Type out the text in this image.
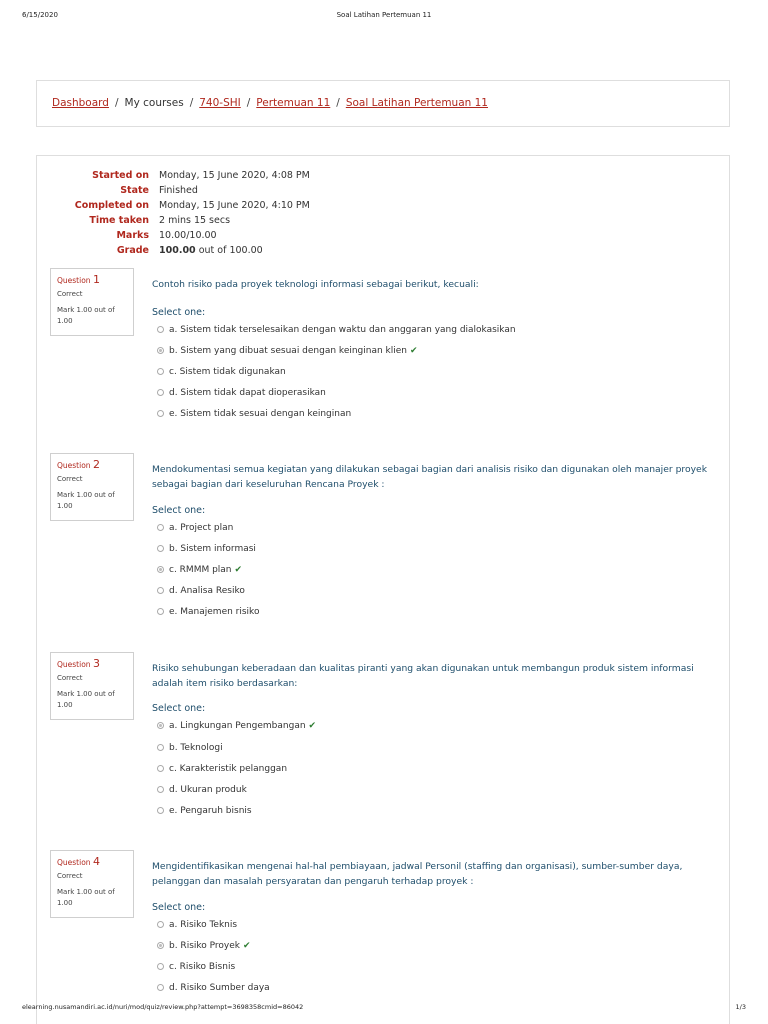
6/15/2020	Soal Latihan Pertemuan 11
Dashboard / My courses / 740-SHI / Pertemuan 11 / Soal Latihan Pertemuan 11
Started on Monday, 15 June 2020, 4:08 PM
State Finished
Completed on Monday, 15 June 2020, 4:10 PM
Time taken 2 mins 15 secs
Marks 10.00/10.00
Grade 100.00 out of 100.00
Question 1
Correct
Mark 1.00 out of 1.00
Contoh risiko pada proyek teknologi informasi sebagai berikut, kecuali:
Select one:
a. Sistem tidak terselesaikan dengan waktu dan anggaran yang dialokasikan
b. Sistem yang dibuat sesuai dengan keinginan klien ✔
c. Sistem tidak digunakan
d. Sistem tidak dapat dioperasikan
e. Sistem tidak sesuai dengan keinginan
Question 2
Correct
Mark 1.00 out of 1.00
Mendokumentasi semua kegiatan yang dilakukan sebagai bagian dari analisis risiko dan digunakan oleh manajer proyek sebagai bagian dari keseluruhan Rencana Proyek :
Select one:
a. Project plan
b. Sistem informasi
c. RMMM plan ✔
d. Analisa Resiko
e. Manajemen risiko
Question 3
Correct
Mark 1.00 out of 1.00
Risiko sehubungan keberadaan dan kualitas piranti yang akan digunakan untuk membangun produk sistem informasi adalah item risiko berdasarkan:
Select one:
a. Lingkungan Pengembangan ✔
b. Teknologi
c. Karakteristik pelanggan
d. Ukuran produk
e. Pengaruh bisnis
Question 4
Correct
Mark 1.00 out of 1.00
Mengidentifikasikan mengenai hal-hal pembiayaan, jadwal Personil (staffing dan organisasi), sumber-sumber daya, pelanggan dan masalah persyaratan dan pengaruh terhadap proyek :
Select one:
a. Risiko Teknis
b. Risiko Proyek ✔
c. Risiko Bisnis
d. Risiko Sumber daya
elearning.nusamandiri.ac.id/nuri/mod/quiz/review.php?attempt=3698358cmid=86042	1/3
